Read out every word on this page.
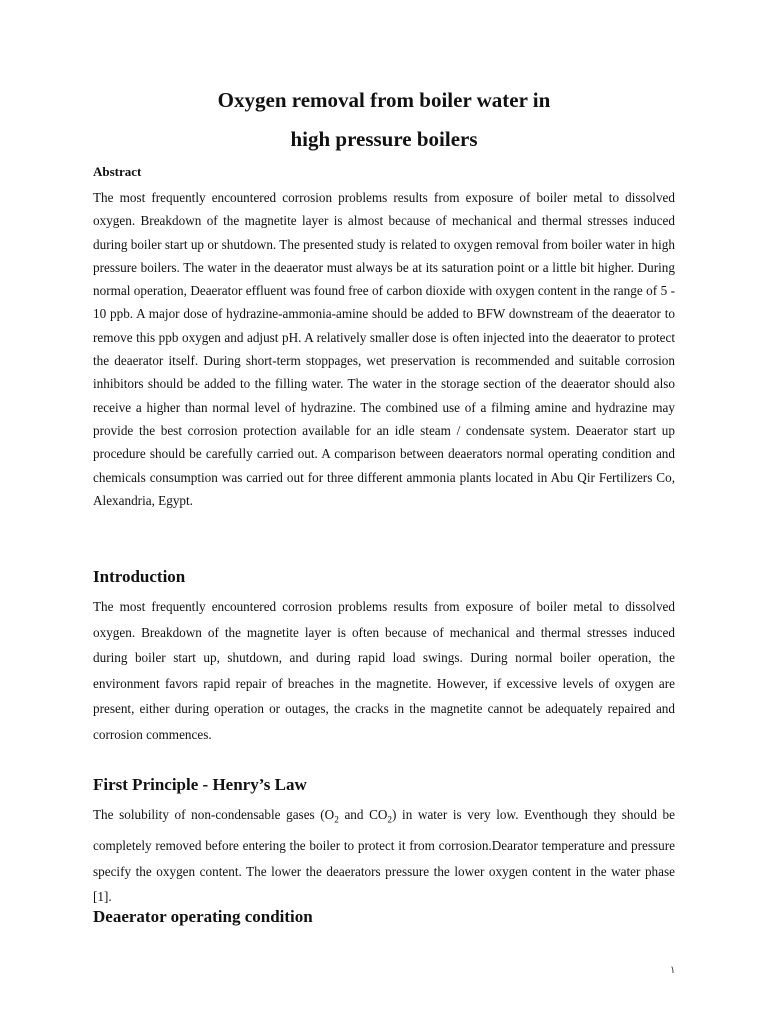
Oxygen removal from boiler water in
high pressure boilers
Abstract

The most frequently encountered corrosion problems results from exposure of boiler metal to dissolved oxygen. Breakdown of the magnetite layer is almost because of mechanical and thermal stresses induced during boiler start up or shutdown. The presented study is related to oxygen removal from boiler water in high pressure boilers. The water in the deaerator must always be at its saturation point or a little bit higher. During normal operation, Deaerator effluent was found free of carbon dioxide with oxygen content in the range of 5 - 10 ppb. A major dose of hydrazine-ammonia-amine should be added to BFW downstream of the deaerator to remove this ppb oxygen and adjust pH. A relatively smaller dose is often injected into the deaerator to protect the deaerator itself. During short-term stoppages, wet preservation is recommended and suitable corrosion inhibitors should be added to the filling water. The water in the storage section of the deaerator should also receive a higher than normal level of hydrazine. The combined use of a filming amine and hydrazine may provide the best corrosion protection available for an idle steam / condensate system. Deaerator start up procedure should be carefully carried out. A comparison between deaerators normal operating condition and chemicals consumption was carried out for three different ammonia plants located in Abu Qir Fertilizers Co, Alexandria, Egypt.

Introduction

The most frequently encountered corrosion problems results from exposure of boiler metal to dissolved oxygen. Breakdown of the magnetite layer is often because of mechanical and thermal stresses induced during boiler start up, shutdown, and during rapid load swings. During normal boiler operation, the environment favors rapid repair of breaches in the magnetite. However, if excessive levels of oxygen are present, either during operation or outages, the cracks in the magnetite cannot be adequately repaired and corrosion commences.

First Principle - Henry’s Law

The solubility of non-condensable gases ($O_2$ and $CO_2$) in water is very low. Eventhough they should be completely removed before entering the boiler to protect it from corrosion.Dearator temperature and pressure specify the oxygen content. The lower the deaerators pressure the lower oxygen content in the water phase [1].

Deaerator operating condition
١
